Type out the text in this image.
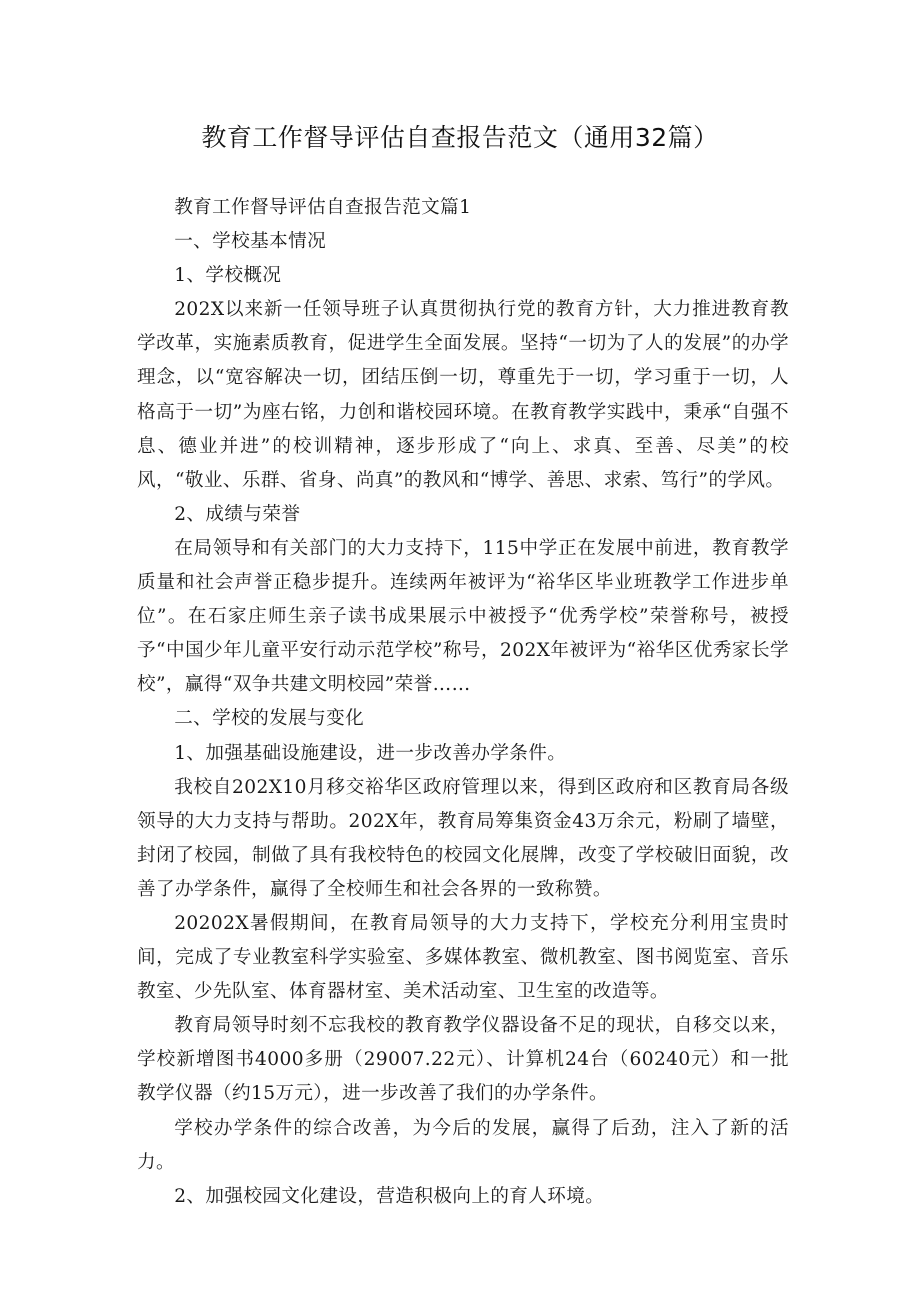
教育工作督导评估自查报告范文（通用32篇）

教育工作督导评估自查报告范文篇1

一、学校基本情况

1、学校概况

202X以来新一任领导班子认真贯彻执行党的教育方针，大力推进教育教学改革，实施素质教育，促进学生全面发展。坚持“一切为了人的发展”的办学理念，以“宽容解决一切，团结压倒一切，尊重先于一切，学习重于一切，人格高于一切”为座右铭，力创和谐校园环境。在教育教学实践中，秉承“自强不息、德业并进”的校训精神，逐步形成了“向上、求真、至善、尽美”的校风，“敬业、乐群、省身、尚真”的教风和“博学、善思、求索、笃行”的学风。

2、成绩与荣誉

在局领导和有关部门的大力支持下，115中学正在发展中前进，教育教学质量和社会声誉正稳步提升。连续两年被评为“裕华区毕业班教学工作进步单位”。在石家庄师生亲子读书成果展示中被授予“优秀学校”荣誉称号，被授予“中国少年儿童平安行动示范学校”称号，202X年被评为“裕华区优秀家长学校”，赢得“双争共建文明校园”荣誉……

二、学校的发展与变化

1、加强基础设施建设，进一步改善办学条件。

我校自202X10月移交裕华区政府管理以来，得到区政府和区教育局各级领导的大力支持与帮助。202X年，教育局筹集资金43万余元，粉刷了墙壁，封闭了校园，制做了具有我校特色的校园文化展牌，改变了学校破旧面貌，改善了办学条件，赢得了全校师生和社会各界的一致称赞。

20202X暑假期间，在教育局领导的大力支持下，学校充分利用宝贵时间，完成了专业教室科学实验室、多媒体教室、微机教室、图书阅览室、音乐教室、少先队室、体育器材室、美术活动室、卫生室的改造等。

教育局领导时刻不忘我校的教育教学仪器设备不足的现状，自移交以来，学校新增图书4000多册（29007.22元）、计算机24台（60240元）和一批教学仪器（约15万元），进一步改善了我们的办学条件。

学校办学条件的综合改善，为今后的发展，赢得了后劲，注入了新的活力。

2、加强校园文化建设，营造积极向上的育人环境。
